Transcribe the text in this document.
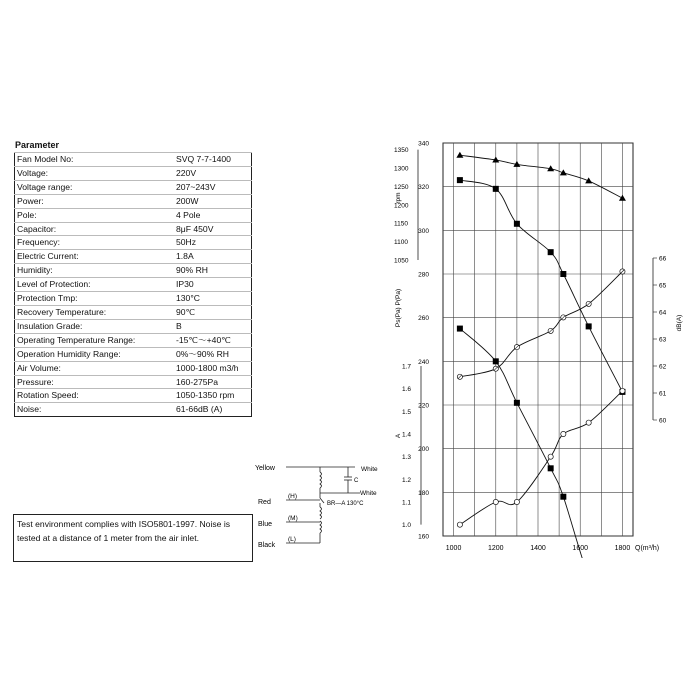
Parameter
Fan Model No:	SVQ 7-7-1400
Voltage:	220V
Voltage range:	207~243V
Power:	200W
Pole:	4 Pole
Capacitor:	8μF 450V
Frequency:	50Hz
Electric Current:	1.8A
Humidity:	90% RH
Level of Protection:	IP30
Protection Tmp:	130°C
Recovery Temperature:	90℃
Insulation Grade:	B
Operating Temperature Range:	-15℃～+40℃
Operation Humidity Range:	0%～90% RH
Air Volume:	1000-1800 m3/h
Pressure:	160-275Pa
Rotation Speed:	1050-1350 rpm
Noise:	61-66dB (A)
Test environment complies with ISO5801-1997. Noise is tested at a distance of 1 meter from the air inlet.
Yellow	White
C
White
Red
(H)
BR—A 130°C
Blue
(M)
Black
(L)
1000	1200	1400	1600	1800 Q(m³/h)
1050
1100
1150
1200
1250
1300
1350
160
180
200
220
240
260
280
300
320
340
1.0
1.1
1.2
1.3
1.4
1.5
1.6
1.7
60
61
62
63
64
65
66
rpm
Ps(Pa) P(Pa)
A
dB(A)
